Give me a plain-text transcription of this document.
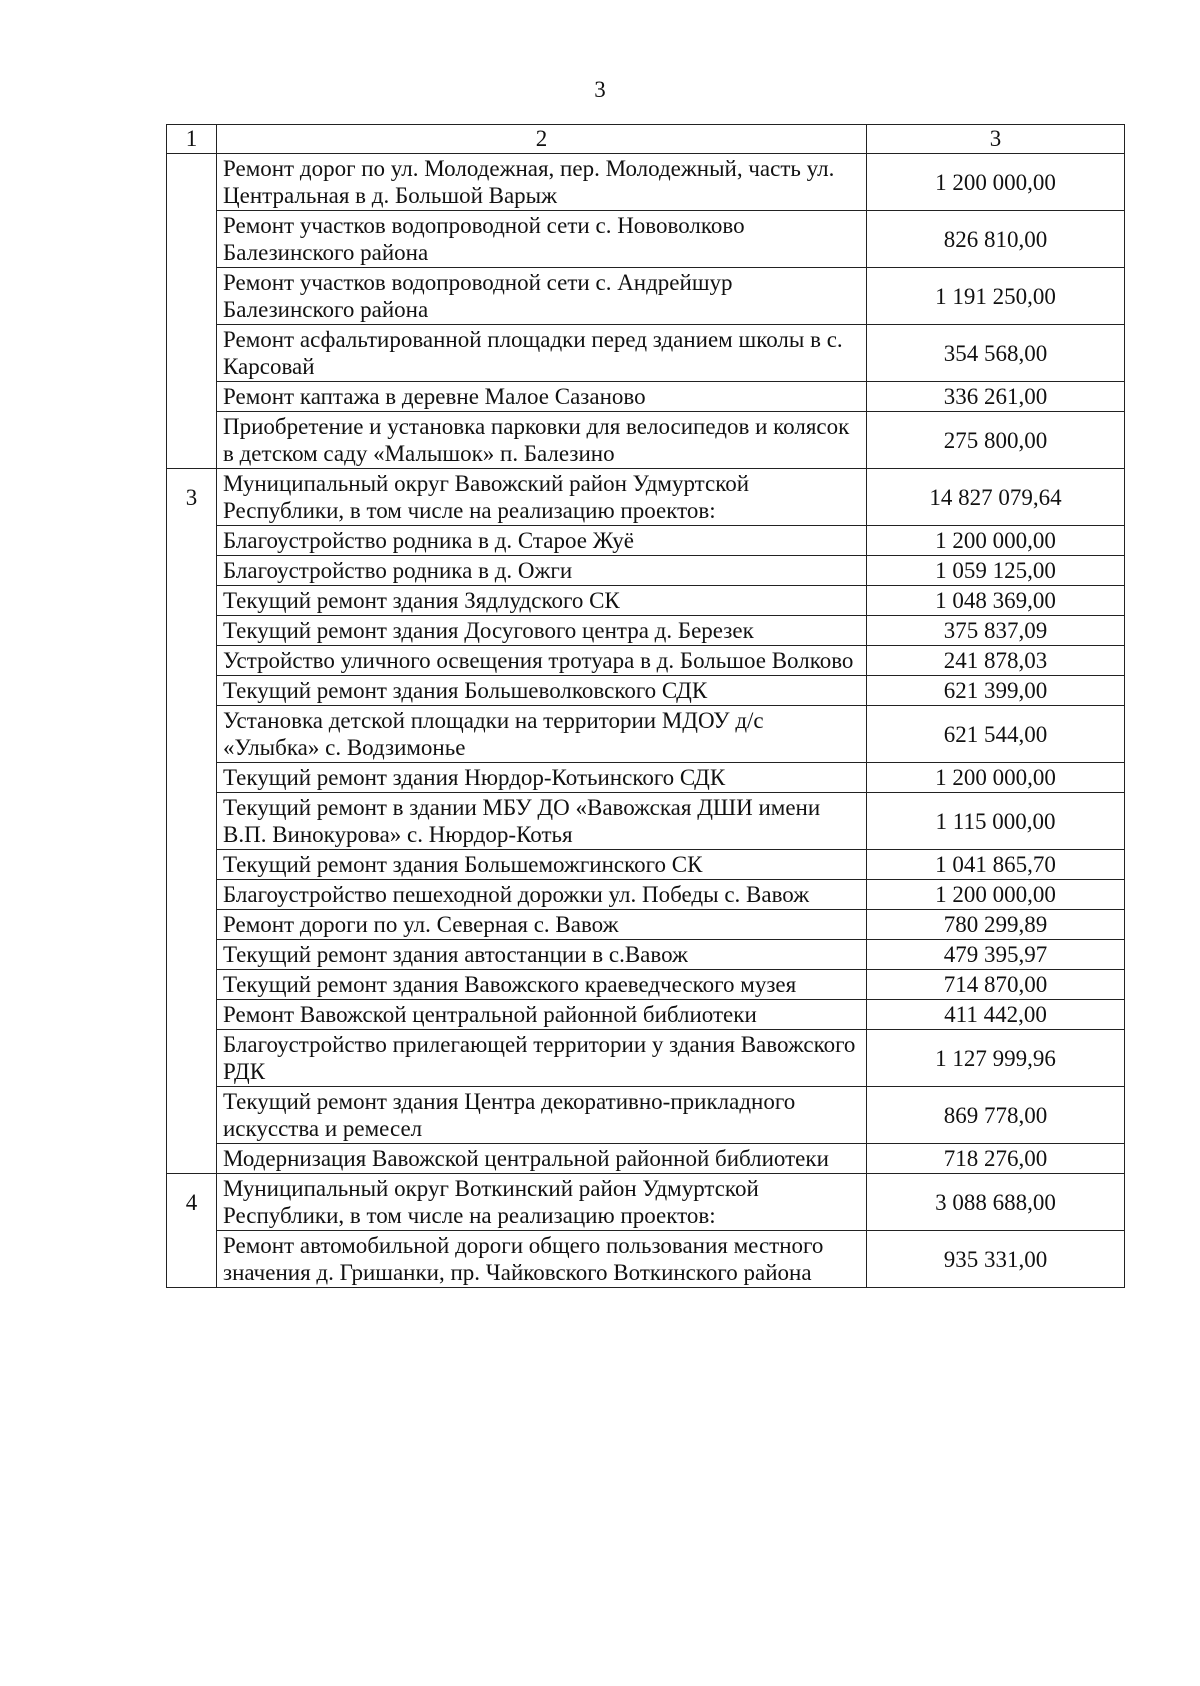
3
1	2	3
	Ремонт дорог по ул. Молодежная, пер. Молодежный, часть ул. Центральная в д. Большой Варыж	1 200 000,00
	Ремонт участков водопроводной сети с. Нововолково Балезинского района	826 810,00
	Ремонт участков водопроводной сети с. Андрейшур Балезинского района	1 191 250,00
	Ремонт асфальтированной площадки перед зданием школы в с. Карсовай	354 568,00
	Ремонт каптажа в деревне Малое Сазаново	336 261,00
	Приобретение и установка парковки для велосипедов и колясок в детском саду «Малышок» п. Балезино	275 800,00
3	Муниципальный округ Вавожский район Удмуртской Республики, в том числе на реализацию проектов:	14 827 079,64
	Благоустройство родника в д. Старое Жуё	1 200 000,00
	Благоустройство родника в д. Ожги	1 059 125,00
	Текущий ремонт здания Зядлудского СК	1 048 369,00
	Текущий ремонт здания Досугового центра д. Березек	375 837,09
	Устройство уличного освещения тротуара в д. Большое Волково	241 878,03
	Текущий ремонт здания Большеволковского СДК	621 399,00
	Установка детской площадки на территории МДОУ д/с «Улыбка» с. Водзимонье	621 544,00
	Текущий ремонт здания Нюрдор-Котьинского СДК	1 200 000,00
	Текущий ремонт в здании МБУ ДО «Вавожская ДШИ имени В.П. Винокурова» с. Нюрдор-Котья	1 115 000,00
	Текущий ремонт здания Большеможгинского СК	1 041 865,70
	Благоустройство пешеходной дорожки ул. Победы с. Вавож	1 200 000,00
	Ремонт дороги по ул. Северная с. Вавож	780 299,89
	Текущий ремонт здания автостанции в с.Вавож	479 395,97
	Текущий ремонт здания Вавожского краеведческого музея	714 870,00
	Ремонт Вавожской центральной районной библиотеки	411 442,00
	Благоустройство прилегающей территории у здания Вавожского РДК	1 127 999,96
	Текущий ремонт здания Центра декоративно-прикладного искусства и ремесел	869 778,00
	Модернизация Вавожской центральной районной библиотеки	718 276,00
4	Муниципальный округ Воткинский район Удмуртской Республики, в том числе на реализацию проектов:	3 088 688,00
	Ремонт автомобильной дороги общего пользования местного значения д. Гришанки, пр. Чайковского Воткинского района	935 331,00
